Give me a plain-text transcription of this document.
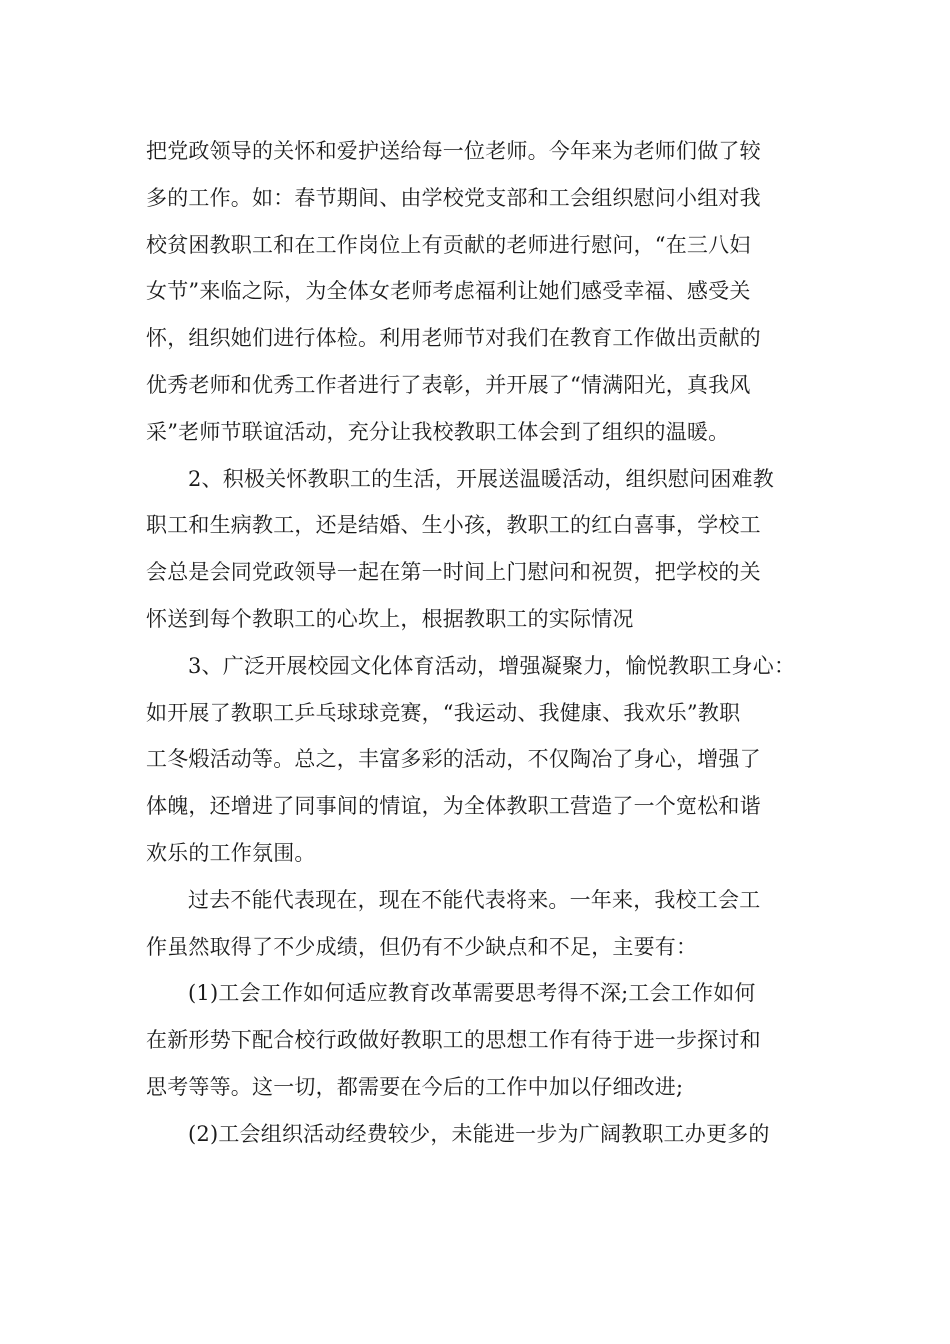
把党政领导的关怀和爱护送给每一位老师。今年来为老师们做了较
多的工作。如：春节期间、由学校党支部和工会组织慰问小组对我
校贫困教职工和在工作岗位上有贡献的老师进行慰问，“在三八妇
女节”来临之际，为全体女老师考虑福利让她们感受幸福、感受关
怀，组织她们进行体检。利用老师节对我们在教育工作做出贡献的
优秀老师和优秀工作者进行了表彰，并开展了“情满阳光，真我风
采”老师节联谊活动，充分让我校教职工体会到了组织的温暖。
2、积极关怀教职工的生活，开展送温暖活动，组织慰问困难教
职工和生病教工，还是结婚、生小孩，教职工的红白喜事，学校工
会总是会同党政领导一起在第一时间上门慰问和祝贺，把学校的关
怀送到每个教职工的心坎上，根据教职工的实际情况
3、广泛开展校园文化体育活动，增强凝聚力，愉悦教职工身心：
如开展了教职工乒乓球球竞赛，“我运动、我健康、我欢乐”教职
工冬煅活动等。总之，丰富多彩的活动，不仅陶冶了身心，增强了
体魄，还增进了同事间的情谊，为全体教职工营造了一个宽松和谐
欢乐的工作氛围。
过去不能代表现在，现在不能代表将来。一年来，我校工会工
作虽然取得了不少成绩，但仍有不少缺点和不足，主要有：
(1)工会工作如何适应教育改革需要思考得不深;工会工作如何
在新形势下配合校行政做好教职工的思想工作有待于进一步探讨和
思考等等。这一切，都需要在今后的工作中加以仔细改进;
(2)工会组织活动经费较少，未能进一步为广阔教职工办更多的
